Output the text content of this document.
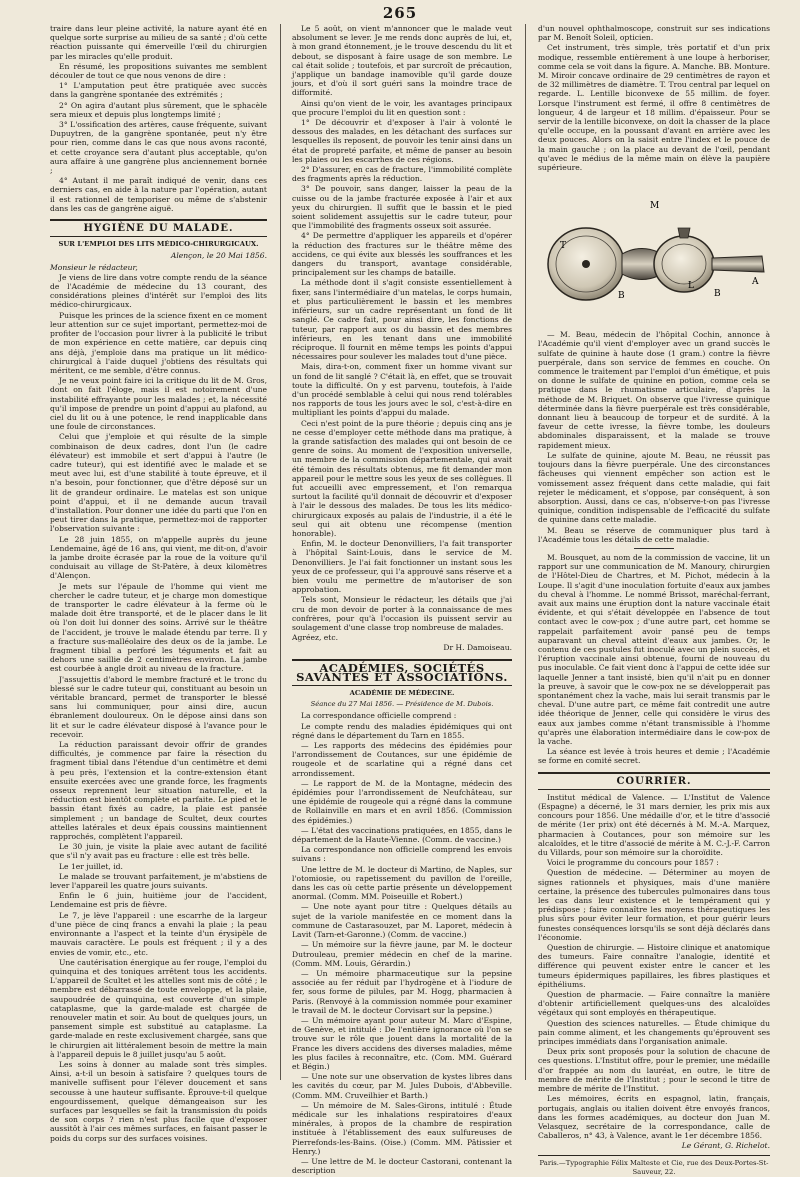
265

traire dans leur pleine activité, la nature ayant été en quelque sorte surprise au milieu de sa santé ; d'où cette réaction puissante qui émerveille l'œil du chirurgien par les miracles qu'elle produit.

En résumé, les propositions suivantes me semblent découler de tout ce que nous venons de dire :

1° L'amputation peut être pratiquée avec succès dans la gangrène spontanée des extrémités ;

2° On agira d'autant plus sûrement, que le sphacèle sera mieux et depuis plus longtemps limité ;

3° L'ossification des artères, cause fréquente, suivant Dupuytren, de la gangrène spontanée, peut n'y être pour rien, comme dans le cas que nous avons raconté, et cette croyance sera d'autant plus acceptable, qu'on aura affaire à une gangrène plus anciennement bornée ;

4° Autant il me paraît indiqué de venir, dans ces derniers cas, en aide à la nature par l'opération, autant il est rationnel de temporiser ou même de s'abstenir dans les cas de gangrène aiguë.

HYGIÈNE DU MALADE.
SUR L'EMPLOI DES LITS MÉDICO-CHIRURGICAUX.
Alençon, le 20 Mai 1856.

Monsieur le rédacteur,

Je viens de lire dans votre compte rendu de la séance de l'Académie de médecine du 13 courant, des considérations pleines d'intérêt sur l'emploi des lits médico-chirurgicaux.

Puisque les princes de la science fixent en ce moment leur attention sur ce sujet important, permettez-moi de profiter de l'occasion pour livrer à la publicité le tribut de mon expérience en cette matière, car depuis cinq ans déjà, j'emploie dans ma pratique un lit médico-chirurgical à l'aide duquel j'obtiens des résultats qui méritent, ce me semble, d'être connus.

Je ne veux point faire ici la critique du lit de M. Gros, dont on fait l'éloge, mais il est notoirement d'une instabilité effrayante pour les malades ; et, la nécessité qu'il impose de prendre un point d'appui au plafond, au ciel du lit ou à une potence, le rend inapplicable dans une foule de circonstances.

Celui que j'emploie et qui résulte de la simple combinaison de deux cadres, dont l'un (le cadre élévateur) est immobile et sert d'appui à l'autre (le cadre tuteur), qui est identifié avec le malade et se meut avec lui, est d'une stabilité à toute épreuve, et il n'a besoin, pour fonctionner, que d'être déposé sur un lit de grandeur ordinaire. Le matelas est son unique point d'appui, et il ne demande aucun travail d'installation. Pour donner une idée du parti que l'on en peut tirer dans la pratique, permettez-moi de rapporter l'observation suivante :

Le 28 juin 1855, on m'appelle auprès du jeune Lendemaine, âgé de 16 ans, qui vient, me dit-on, d'avoir la jambe droite écrasée par la roue de la voiture qu'il conduisait au village de St-Patère, à deux kilomètres d'Alençon.

Je mets sur l'épaule de l'homme qui vient me chercher le cadre tuteur, et je charge mon domestique de transporter le cadre élévateur à la ferme où le malade doit être transporté, et de le placer dans le lit où l'on doit lui donner des soins. Arrivé sur le théâtre de l'accident, je trouve le malade étendu par terre. Il y a fracture sus-malléolaire des deux os de la jambe. Le fragment tibial a perforé les téguments et fait au dehors une saillie de 2 centimètres environ. La jambe est courbée à angle droit au niveau de la fracture.

J'assujettis d'abord le membre fracturé et le tronc du blessé sur le cadre tuteur qui, constituant au besoin un véritable brancard, permet de transporter le blessé sans lui communiquer, pour ainsi dire, aucun ébranlement douloureux. On le dépose ainsi dans son lit et sur le cadre élévateur disposé à l'avance pour le recevoir.

La réduction paraissant devoir offrir de grandes difficultés, je commence par faire la résection du fragment tibial dans l'étendue d'un centimètre et demi à peu près, l'extension et la contre-extension étant ensuite exercées avec une grande force, les fragments osseux reprennent leur situation naturelle, et la réduction est bientôt complète et parfaite. Le pied et le bassin étant fixés au cadre, la plaie est pansée simplement ; un bandage de Scultet, deux courtes attelles latérales et deux épais coussins maintiennent rapprochés, complètent l'appareil.

Le 30 juin, je visite la plaie avec autant de facilité que s'il n'y avait pas eu fracture : elle est très belle.

Le 1er juillet, id.

Le malade se trouvant parfaitement, je m'abstiens de lever l'appareil les quatre jours suivants.

Enfin le 6 juin, huitième jour de l'accident, Lendemaine est pris de fièvre.

Le 7, je lève l'appareil : une escarrhe de la largeur d'une pièce de cinq francs a envahi la plaie ; la peau environnante a l'aspect et la teinte d'un érysipèle de mauvais caractère. Le pouls est fréquent ; il y a des envies de vomir, etc., etc.

Une cautérisation énergique au fer rouge, l'emploi du quinquina et des toniques arrêtent tous les accidents. L'appareil de Scultet et les attelles sont mis de côté ; le membre est débarrassé de toute enveloppe, et la plaie, saupoudrée de quinquina, est couverte d'un simple cataplasme, que la garde-malade est chargée de renouveler matin et soir. Au bout de quelques jours, un pansement simple est substitué au cataplasme. La garde-malade en reste exclusivement chargée, sans que le chirurgien ait littéralement besoin de mettre la main à l'appareil depuis le 8 juillet jusqu'au 5 août.

Les soins à donner au malade sont très simples. Ainsi, a-t-il un besoin à satisfaire ? quelques tours de manivelle suffisent pour l'élever doucement et sans secousse à une hauteur suffisante. Éprouve-t-il quelque engourdissement, quelque démangeaison sur les surfaces par lesquelles se fait la transmission du poids de son corps ? rien n'est plus facile que d'exposer aussitôt à l'air ces mêmes surfaces, en faisant passer le poids du corps sur des surfaces voisines.

Le 5 août, on vient m'annoncer que le malade veut absolument se lever. Je me rends donc auprès de lui, et, à mon grand étonnement, je le trouve descendu du lit et debout, se disposant à faire usage de son membre. Le cal était solide ; toutefois, et par surcroît de précaution, j'applique un bandage inamovible qu'il garde douze jours, et d'où il sort guéri sans la moindre trace de difformité.

Ainsi qu'on vient de le voir, les avantages principaux que procure l'emploi du lit en question sont :

1° De découvrir et d'exposer à l'air à volonté le dessous des malades, en les détachant des surfaces sur lesquelles ils reposent, de pouvoir les tenir ainsi dans un état de propreté parfaite, et même de panser au besoin les plaies ou les escarrhes de ces régions.

2° D'assurer, en cas de fracture, l'immobilité complète des fragments après la réduction.

3° De pouvoir, sans danger, laisser la peau de la cuisse ou de la jambe fracturée exposée à l'air et aux yeux du chirurgien. Il suffit que le bassin et le pied soient solidement assujettis sur le cadre tuteur, pour que l'immobilité des fragments osseux soit assurée.

4° De permettre d'appliquer les appareils et d'opérer la réduction des fractures sur le théâtre même des accidens, ce qui évite aux blessés les souffrances et les dangers du transport, avantage considérable, principalement sur les champs de bataille.

La méthode dont il s'agit consiste essentiellement à fixer, sans l'intermédiaire d'un matelas, le corps humain, et plus particulièrement le bassin et les membres inférieurs, sur un cadre représentant un fond de lit sanglé. Ce cadre fait, pour ainsi dire, les fonctions de tuteur, par rapport aux os du bassin et des membres inférieurs, en les tenant dans une immobilité réciproque. Il fournit en même temps les points d'appui nécessaires pour soulever les malades tout d'une pièce.

Mais, dira-t-on, comment fixer un homme vivant sur un fond de lit sanglé ? C'était là, en effet, que se trouvait toute la difficulté. On y est parvenu, toutefois, à l'aide d'un procédé semblable à celui qui nous rend tolérables nos rapports de tous les jours avec le sol, c'est-à-dire en multipliant les points d'appui du malade.

Ceci n'est point de la pure théorie ; depuis cinq ans je ne cesse d'employer cette méthode dans ma pratique, à la grande satisfaction des malades qui ont besoin de ce genre de soins. Au moment de l'exposition universelle, un membre de la commission départementale, qui avait été témoin des résultats obtenus, me fit demander mon appareil pour le mettre sous les yeux de ses collègues. Il fut accueilli avec empressement, et l'on remarqua surtout la facilité qu'il donnait de découvrir et d'exposer à l'air le dessous des malades. De tous les lits médico-chirurgicaux exposés au palais de l'industrie, il a été le seul qui ait obtenu une récompense (mention honorable).

Enfin, M. le docteur Denonvilliers, l'a fait transporter à l'hôpital Saint-Louis, dans le service de M. Denonvilliers. Je l'ai fait fonctionner un instant sous les yeux de ce professeur, qui l'a approuvé sans réserve et a bien voulu me permettre de m'autoriser de son approbation.

Tels sont, Monsieur le rédacteur, les détails que j'ai cru de mon devoir de porter à la connaissance de mes confrères, pour qu'à l'occasion ils puissent servir au soulagement d'une classe trop nombreuse de malades.

Agréez, etc.

Dr H. Damoiseau.
ACADÉMIES, SOCIÉTÉS SAVANTES ET ASSOCIATIONS.
ACADÉMIE DE MÉDECINE.
Séance du 27 Mai 1856. — Présidence de M. Dubois.

La correspondance officielle comprend :

Le compte rendu des maladies épidémiques qui ont régné dans le département du Tarn en 1855.

— Les rapports des médecins des épidémies pour l'arrondissement de Coutances, sur une épidémie de rougeole et de scarlatine qui a régné dans cet arrondissement.

— Le rapport de M. de la Montagne, médecin des épidémies pour l'arrondissement de Neufchâteau, sur une épidémie de rougeole qui a régné dans la commune de Rollainville en mars et en avril 1856. (Commission des épidémies.)

— L'état des vaccinations pratiquées, en 1855, dans le département de la Haute-Vienne. (Comm. de vaccine.)

La correspondance non officielle comprend les envois suivans :

Une lettre de M. le docteur di Martino, de Naples, sur l'otomiosie, ou rapetissement du pavillon de l'oreille, dans les cas où cette partie présente un développement anormal. (Comm. MM. Poiseuille et Robert.)

— Une note ayant pour titre : Quelques détails au sujet de la variole manifestée en ce moment dans la commune de Castarasouzet, par M. Laporet, médecin à Lavit (Tarn-et-Garonne.) (Comm. de vaccine.)

— Un mémoire sur la fièvre jaune, par M. le docteur Dutrouleau, premier médecin en chef de la marine. (Comm. MM. Louis, Gérardin.)

— Un mémoire pharmaceutique sur la pepsine associée au fer réduit par l'hydrogène et à l'iodure de fer, sous forme de pilules, par M. Hogg, pharmacien à Paris. (Renvoyé à la commission nommée pour examiner le travail de M. le docteur Corvisart sur la pepsine.)

— Un mémoire ayant pour auteur M. Marc d'Espine, de Genève, et intitulé : De l'entière ignorance où l'on se trouve sur le rôle que jouent dans la mortalité de la France les divers accidens des diverses maladies, même les plus faciles à reconnaître, etc. (Com. MM. Guérard et Bégin.)

— Une note sur une observation de kystes libres dans les cavités du cœur, par M. Jules Dubois, d'Abbeville. (Comm. MM. Cruveilhier et Barth.)

— Un mémoire de M. Sales-Girons, intitulé : Étude médicale sur les inhalations respiratoires d'eaux minérales, à propos de la chambre de respiration instituée à l'établissement des eaux sulfureuses de Pierrefonds-les-Bains. (Oise.) (Comm. MM. Pâtissier et Henry.)

— Une lettre de M. le docteur Castorani, contenant la description

d'un nouvel ophthalmoscope, construit sur ses indications par M. Benoît Soleil, opticien.

Cet instrument, très simple, très portatif et d'un prix modique, ressemble entièrement à une loupe à herboriser, comme cela se voit dans la figure. A. Manche. BB. Monture. M. Miroir concave ordinaire de 29 centimètres de rayon et de 32 millimètres de diamètre. T. Trou central par lequel on regarde. L. Lentille biconvexe de 55 millim. de foyer. Lorsque l'instrument est fermé, il offre 8 centimètres de longueur, 4 de largeur et 18 millim. d'épaisseur. Pour se servir de la lentille biconvexe, on doit la chasser de la place qu'elle occupe, en la poussant d'avant en arrière avec les deux pouces. Alors on la saisit entre l'index et le pouce de la main gauche ; on la place au devant de l'œil, pendant qu'avec le médius de la même main on élève la paupière supérieure.

M
T
B	B
L	A

— M. Beau, médecin de l'hôpital Cochin, annonce à l'Académie qu'il vient d'employer avec un grand succès le sulfate de quinine à haute dose (1 gram.) contre la fièvre puerpérale, dans son service de femmes en couche. On commence le traitement par l'emploi d'un émétique, et puis on donne le sulfate de quinine en potion, comme cela se pratique dans le rhumatisme articulaire, d'après la méthode de M. Briquet. On observe que l'ivresse quinique déterminée dans la fièvre puerpérale est très considérable, donnant lieu à beaucoup de torpeur et de surdité. À la faveur de cette ivresse, la fièvre tombe, les douleurs abdominales disparaissent, et la malade se trouve rapidement mieux.

Le sulfate de quinine, ajoute M. Beau, ne réussit pas toujours dans la fièvre puerpérale. Une des circonstances fâcheuses qui viennent empêcher son action est le vomissement assez fréquent dans cette maladie, qui fait rejeter le médicament, et s'oppose, par conséquent, à son absorption. Aussi, dans ce cas, n'observe-t-on pas l'ivresse quinique, condition indispensable de l'efficacité du sulfate de quinine dans cette maladie.

M. Beau se réserve de communiquer plus tard à l'Académie tous les détails de cette maladie.

M. Bousquet, au nom de la commission de vaccine, lit un rapport sur une communication de M. Manoury, chirurgien de l'Hôtel-Dieu de Chartres, et M. Pichot, médecin à la Loupe. Il s'agit d'une inoculation fortuite d'eaux aux jambes du cheval à l'homme. Le nommé Brissot, maréchal-ferrant, avait aux mains une éruption dont la nature vaccinale était évidente, et qui s'était développée en l'absence de tout contact avec le cow-pox ; d'une autre part, cet homme se rappelait parfaitement avoir pansé peu de temps auparavant un cheval atteint d'eaux aux jambes. Or, le contenu de ces pustules fut inoculé avec un plein succès, et l'éruption vaccinale ainsi obtenue, fourni de nouveau du pus inoculable. Ce fait vient donc à l'appui de cette idée sur laquelle Jenner a tant insisté, bien qu'il n'ait pu en donner la preuve, à savoir que le cow-pox ne se développerait pas spontanément chez la vache, mais lui serait transmis par le cheval. D'une autre part, ce même fait contredit une autre idée théorique de Jenner, celle qui considère le virus des eaux aux jambes comme n'étant transmissible à l'homme qu'après une élaboration intermédiaire dans le cow-pox de la vache.

La séance est levée à trois heures et demie ; l'Académie se forme en comité secret.

COURRIER.

Institut médical de Valence. — L'Institut de Valence (Espagne) a décerné, le 31 mars dernier, les prix mis aux concours pour 1856. Une médaille d'or, et le titre d'associé de mérite (1er prix) ont été décernés à M. M.-A. Marquez, pharmacien à Coutances, pour son mémoire sur les alcaloïdes, et le titre d'associé de mérite à M. C.-J.-F. Carron du Villards, pour son mémoire sur la choroïdite.

Voici le programme du concours pour 1857 :

Question de médecine. — Déterminer au moyen de signes rationnels et physiques, mais d'une manière certaine, la présence des tubercules pulmonaires dans tous les cas dans leur existence et le tempérament qui y prédispose ; faire connaître les moyens thérapeutiques les plus sûrs pour éviter leur formation, et pour guérir leurs funestes conséquences lorsqu'ils se sont déjà déclarés dans l'économie.

Question de chirurgie. — Histoire clinique et anatomique des tumeurs. Faire connaître l'analogie, identité et différence qui peuvent exister entre le cancer et les tumeurs épidermiques papillaires, les fibres plastiques et épithéliums.

Question de pharmacie. — Faire connaître la manière d'obtenir artificiellement quelques-uns des alcaloïdes végétaux qui sont employés en thérapeutique.

Question des sciences naturelles. — Étude chimique du pain comme aliment, et les changements qu'éprouvent ses principes immédiats dans l'organisation animale.

Deux prix sont proposés pour la solution de chacune de ces questions. L'Institut offre, pour le premier, une médaille d'or frappée au nom du lauréat, en outre, le titre de membre de mérite de l'Institut ; pour le second le titre de membre de mérite de l'Institut.

Les mémoires, écrits en espagnol, latin, français, portugais, anglais ou italien doivent être envoyés francos, dans les formes académiques, au docteur don Juan M. Velasquez, secrétaire de la correspondance, calle de Caballeros, n° 43, à Valence, avant le 1er décembre 1856.

Le Gérant, G. Richelot.
Paris.—Typographie Félix Malteste et Cie, rue des Deux-Portes-St-Sauveur, 22.
